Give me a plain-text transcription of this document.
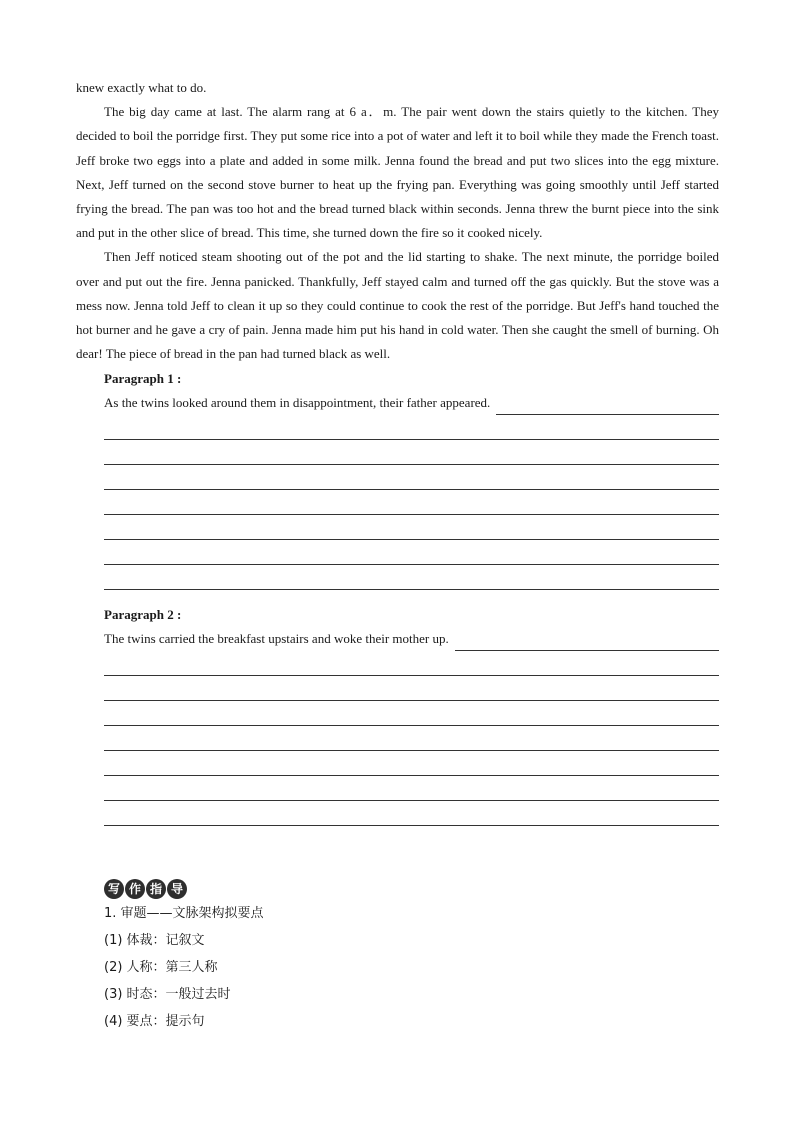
knew exactly what to do.

The big day came at last. The alarm rang at 6 a．m. The pair went down the stairs quietly to the kitchen. They decided to boil the porridge first. They put some rice into a pot of water and left it to boil while they made the French toast. Jeff broke two eggs into a plate and added in some milk. Jenna found the bread and put two slices into the egg mixture. Next, Jeff turned on the second stove burner to heat up the frying pan. Everything was going smoothly until Jeff started frying the bread. The pan was too hot and the bread turned black within seconds. Jenna threw the burnt piece into the sink and put in the other slice of bread. This time, she turned down the fire so it cooked nicely.

Then Jeff noticed steam shooting out of the pot and the lid starting to shake. The next minute, the porridge boiled over and put out the fire. Jenna panicked. Thankfully, Jeff stayed calm and turned off the gas quickly. But the stove was a mess now. Jenna told Jeff to clean it up so they could continue to cook the rest of the porridge. But Jeff's hand touched the hot burner and he gave a cry of pain. Jenna made him put his hand in cold water. Then she caught the smell of burning. Oh dear! The piece of bread in the pan had turned black as well.

Paragraph 1 :
As the twins looked around them in disappointment, their father appeared.
Paragraph 2 :
The twins carried the breakfast upstairs and woke their mother up.
写 作 指 导
1. 审题——文脉架构拟要点
(1) 体裁：记叙文
(2) 人称：第三人称
(3) 时态：一般过去时
(4) 要点：提示句
